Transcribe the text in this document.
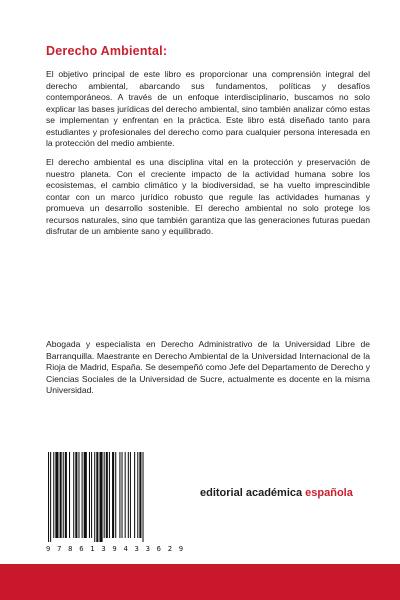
Derecho Ambiental:

El objetivo principal de este libro es proporcionar una comprensión integral del derecho ambiental, abarcando sus fundamentos, políticas y desafíos contemporáneos. A través de un enfoque interdisciplinario, buscamos no solo explicar las bases jurídicas del derecho ambiental, sino también analizar cómo estas se implementan y enfrentan en la práctica. Este libro está diseñado tanto para estudiantes y profesionales del derecho como para cualquier persona interesada en la protección del medio ambiente.

El derecho ambiental es una disciplina vital en la protección y preservación de nuestro planeta. Con el creciente impacto de la actividad humana sobre los ecosistemas, el cambio climático y la biodiversidad, se ha vuelto imprescindible contar con un marco jurídico robusto que regule las actividades humanas y promueva un desarrollo sostenible. El derecho ambiental no solo protege los recursos naturales, sino que también garantiza que las generaciones futuras puedan disfrutar de un ambiente sano y equilibrado.

Abogada y especialista en Derecho Administrativo de la Universidad Libre de Barranquilla. Maestrante en Derecho Ambiental de la Universidad Internacional de la Rioja de Madrid, España. Se desempeñó como Jefe del Departamento de Derecho y Ciencias Sociales de la Universidad de Sucre, actualmente es docente en la misma Universidad.

9 7 8 6 1 3 9 4 3 3 6 2 9
editorial académica española
